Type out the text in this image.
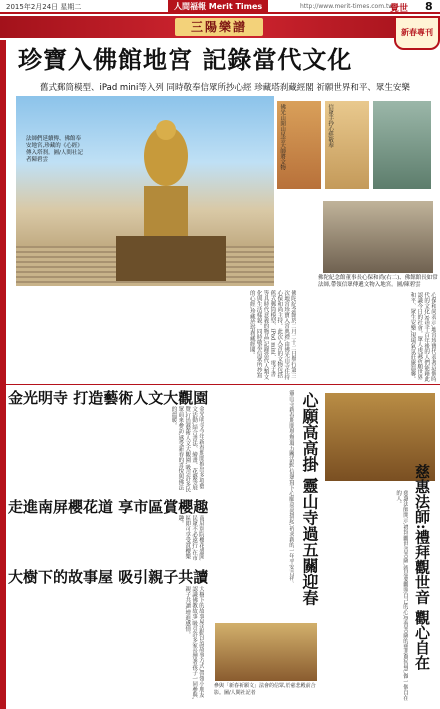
2015年2月24日 星期二	人間福報 Merit Times	http://www.merit-times.com.tw
覺世 8
三陽樂譜	新春專刊
珍寶入佛館地宮 記錄當代文化
舊式郵筒模型、iPad mini等入列 同時敬奉信眾所抄心經 珍藏塔刹藏經閣 祈願世界和平、眾生安樂
法師們延續傳、佛館奉安地宮,珍藏的《心經》傳入塔刹。圖/人間社記者陳碧雲	佛光山開山星雲大師將文物	信眾手抄心經敬奉
佛陀紀念館董事長心保和尚(右二)、佛館館長如常法師,帶領信眾傳遞文物入地宮。圖/陳碧雲
佛陀紀念館於二月二十二日舉行第三次地宮珍寶入宮典禮,由佛光山寺住持心保和尚主持。此次入宮的文物包括舊式郵筒模型、iPad mini、電子書等具時代意義的物品,記錄當代人類文化與生活樣貌。同時敬奉信眾所抄寫的心經,珍藏於塔刹藏經閣。	心保和尚表示,地宮珍寶代表著這個時代的文化,希望千百年後的人們能藉此認識今日的社會。眾人虔誠祈願世界和平、眾生安樂,現場氣氛莊嚴溫馨。
金光明寺 打造藝術人文大觀園
金光明寺今年新春期間推出多項藝文活動,結合書法、繪畫、花藝等展覽,打造藝術人文大觀園,吸引許多民眾前來參訪,感受新春的喜悅與佛法的溫暖。
走進南屏櫻花道 享市區賞櫻趣
南屏別院櫻花盛開,民眾不必遠行,在市區即可享受賞櫻樂趣。
大樹下的故事屋 吸引親子共讀
大樹下的故事屋活動以說故事方式,帶領小朋友認識佛教故事,吸引許多家長帶著孩子一同參與,親子共讀,增進感情。
靈山寺新春期間舉辦過五關活動,信眾寫下心願高高掛起,祈求新的一年平安吉祥。 心願高高掛 靈山寺過五關迎春	慈惠法師開示,禮拜觀世音菩薩,就是要觀照自己的心,學習菩薩的慈悲與智慧,做一個自在的人。 慈惠法師:禮拜觀世音 觀心自在
參與「新春祈願文」法會的信眾,於慈悲殿前合影。圖/人間社記者
